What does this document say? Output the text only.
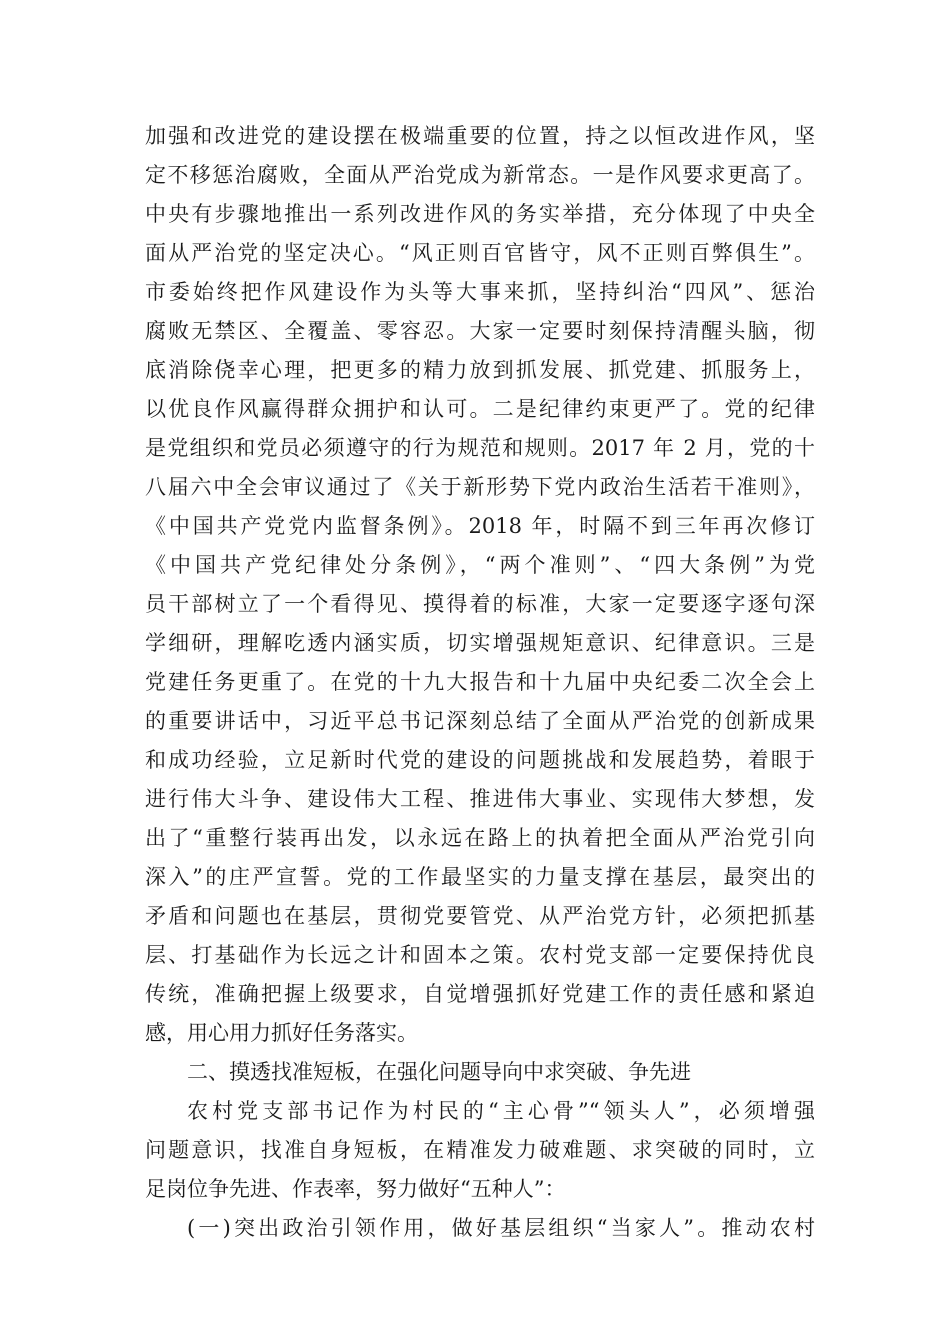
加强和改进党的建设摆在极端重要的位置，持之以恒改进作风，坚
定不移惩治腐败，全面从严治党成为新常态。一是作风要求更高了。
中央有步骤地推出一系列改进作风的务实举措，充分体现了中央全
面从严治党的坚定决心。“风正则百官皆守，风不正则百弊俱生”。
市委始终把作风建设作为头等大事来抓，坚持纠治“四风”、惩治
腐败无禁区、全覆盖、零容忍。大家一定要时刻保持清醒头脑，彻
底消除侥幸心理，把更多的精力放到抓发展、抓党建、抓服务上，
以优良作风赢得群众拥护和认可。二是纪律约束更严了。党的纪律
是党组织和党员必须遵守的行为规范和规则。2017 年 2 月，党的十
八届六中全会审议通过了《关于新形势下党内政治生活若干准则》，
《中国共产党党内监督条例》。2018 年，时隔不到三年再次修订
《中国共产党纪律处分条例》，“两个准则”、“四大条例”为党
员干部树立了一个看得见、摸得着的标准，大家一定要逐字逐句深
学细研，理解吃透内涵实质，切实增强规矩意识、纪律意识。三是
党建任务更重了。在党的十九大报告和十九届中央纪委二次全会上
的重要讲话中，习近平总书记深刻总结了全面从严治党的创新成果
和成功经验，立足新时代党的建设的问题挑战和发展趋势，着眼于
进行伟大斗争、建设伟大工程、推进伟大事业、实现伟大梦想，发
出了“重整行装再出发，以永远在路上的执着把全面从严治党引向
深入”的庄严宣誓。党的工作最坚实的力量支撑在基层，最突出的
矛盾和问题也在基层，贯彻党要管党、从严治党方针，必须把抓基
层、打基础作为长远之计和固本之策。农村党支部一定要保持优良
传统，准确把握上级要求，自觉增强抓好党建工作的责任感和紧迫
感，用心用力抓好任务落实。
二、摸透找准短板，在强化问题导向中求突破、争先进
农村党支部书记作为村民的“主心骨”“领头人”，必须增强
问题意识，找准自身短板，在精准发力破难题、求突破的同时，立
足岗位争先进、作表率，努力做好“五种人”：
(一)突出政治引领作用，做好基层组织“当家人”。推动农村
